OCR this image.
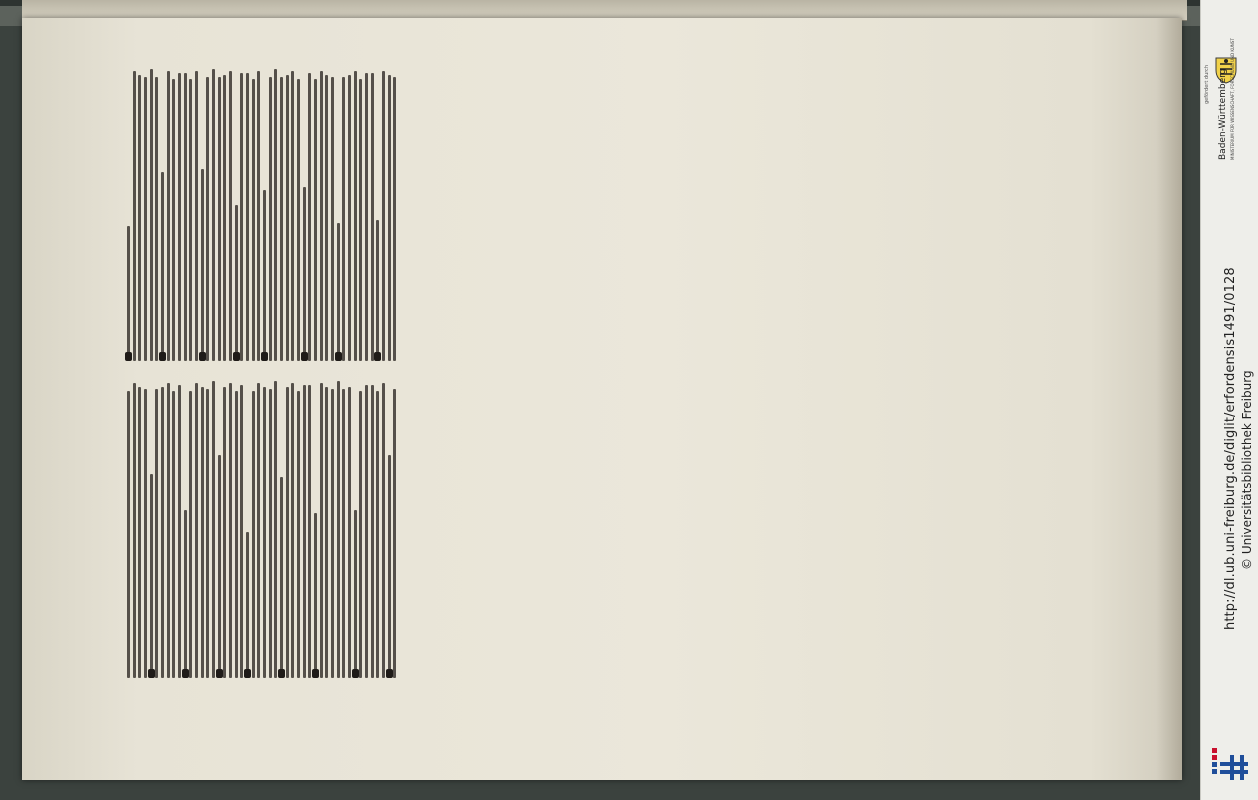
gefördert durch Baden-Württemberg MINISTERIUM FÜR WISSENSCHAFT, FORSCHUNG UND KUNST
http://dl.ub.uni-freiburg.de/diglit/erfordensis1491/0128 © Universitätsbibliothek Freiburg
